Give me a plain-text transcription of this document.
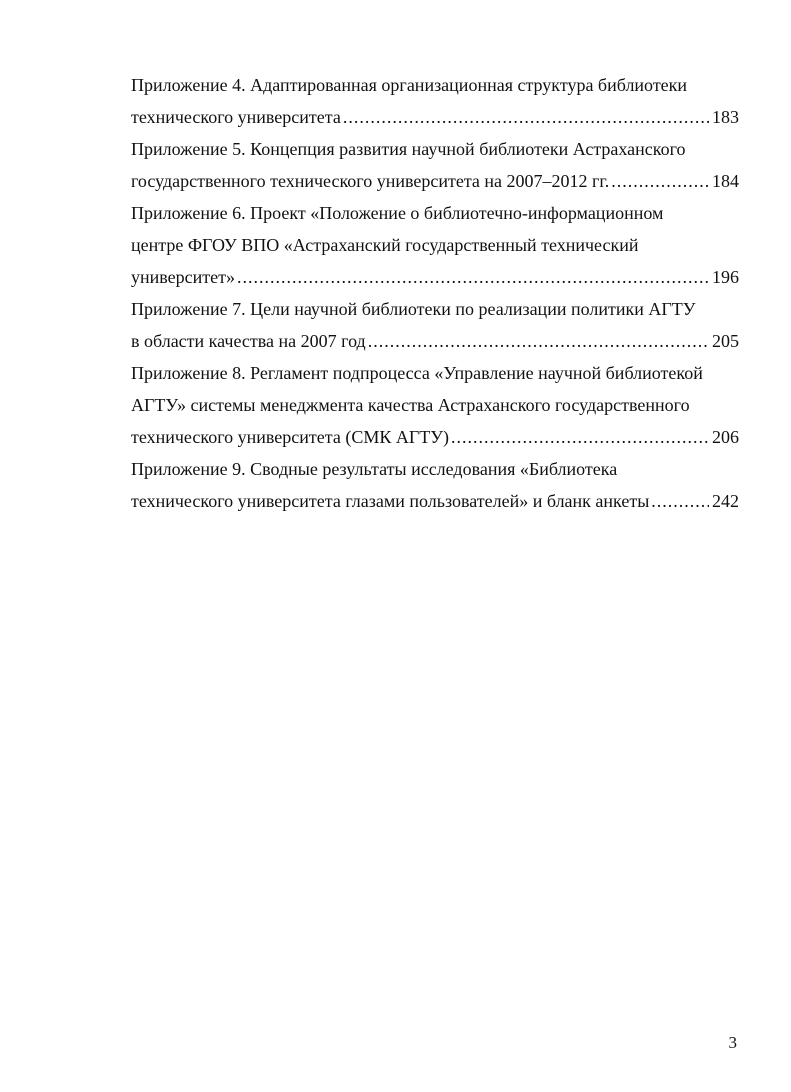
Приложение 4. Адаптированная организационная структура библиотеки
технического университета .....	183
Приложение 5. Концепция развития научной библиотеки Астраханского
государственного технического университета на 2007–2012 гг. .....	184
Приложение 6. Проект «Положение о библиотечно-информационном
центре ФГОУ ВПО «Астраханский государственный технический
университет» .....	196
Приложение 7. Цели научной библиотеки по реализации политики АГТУ
в области качества на 2007 год .....	205
Приложение 8. Регламент подпроцесса «Управление научной библиотекой
АГТУ» системы менеджмента качества Астраханского государственного
технического университета (СМК АГТУ) .....	206
Приложение 9. Сводные результаты исследования «Библиотека
технического университета глазами пользователей» и бланк анкеты .....	242
3
